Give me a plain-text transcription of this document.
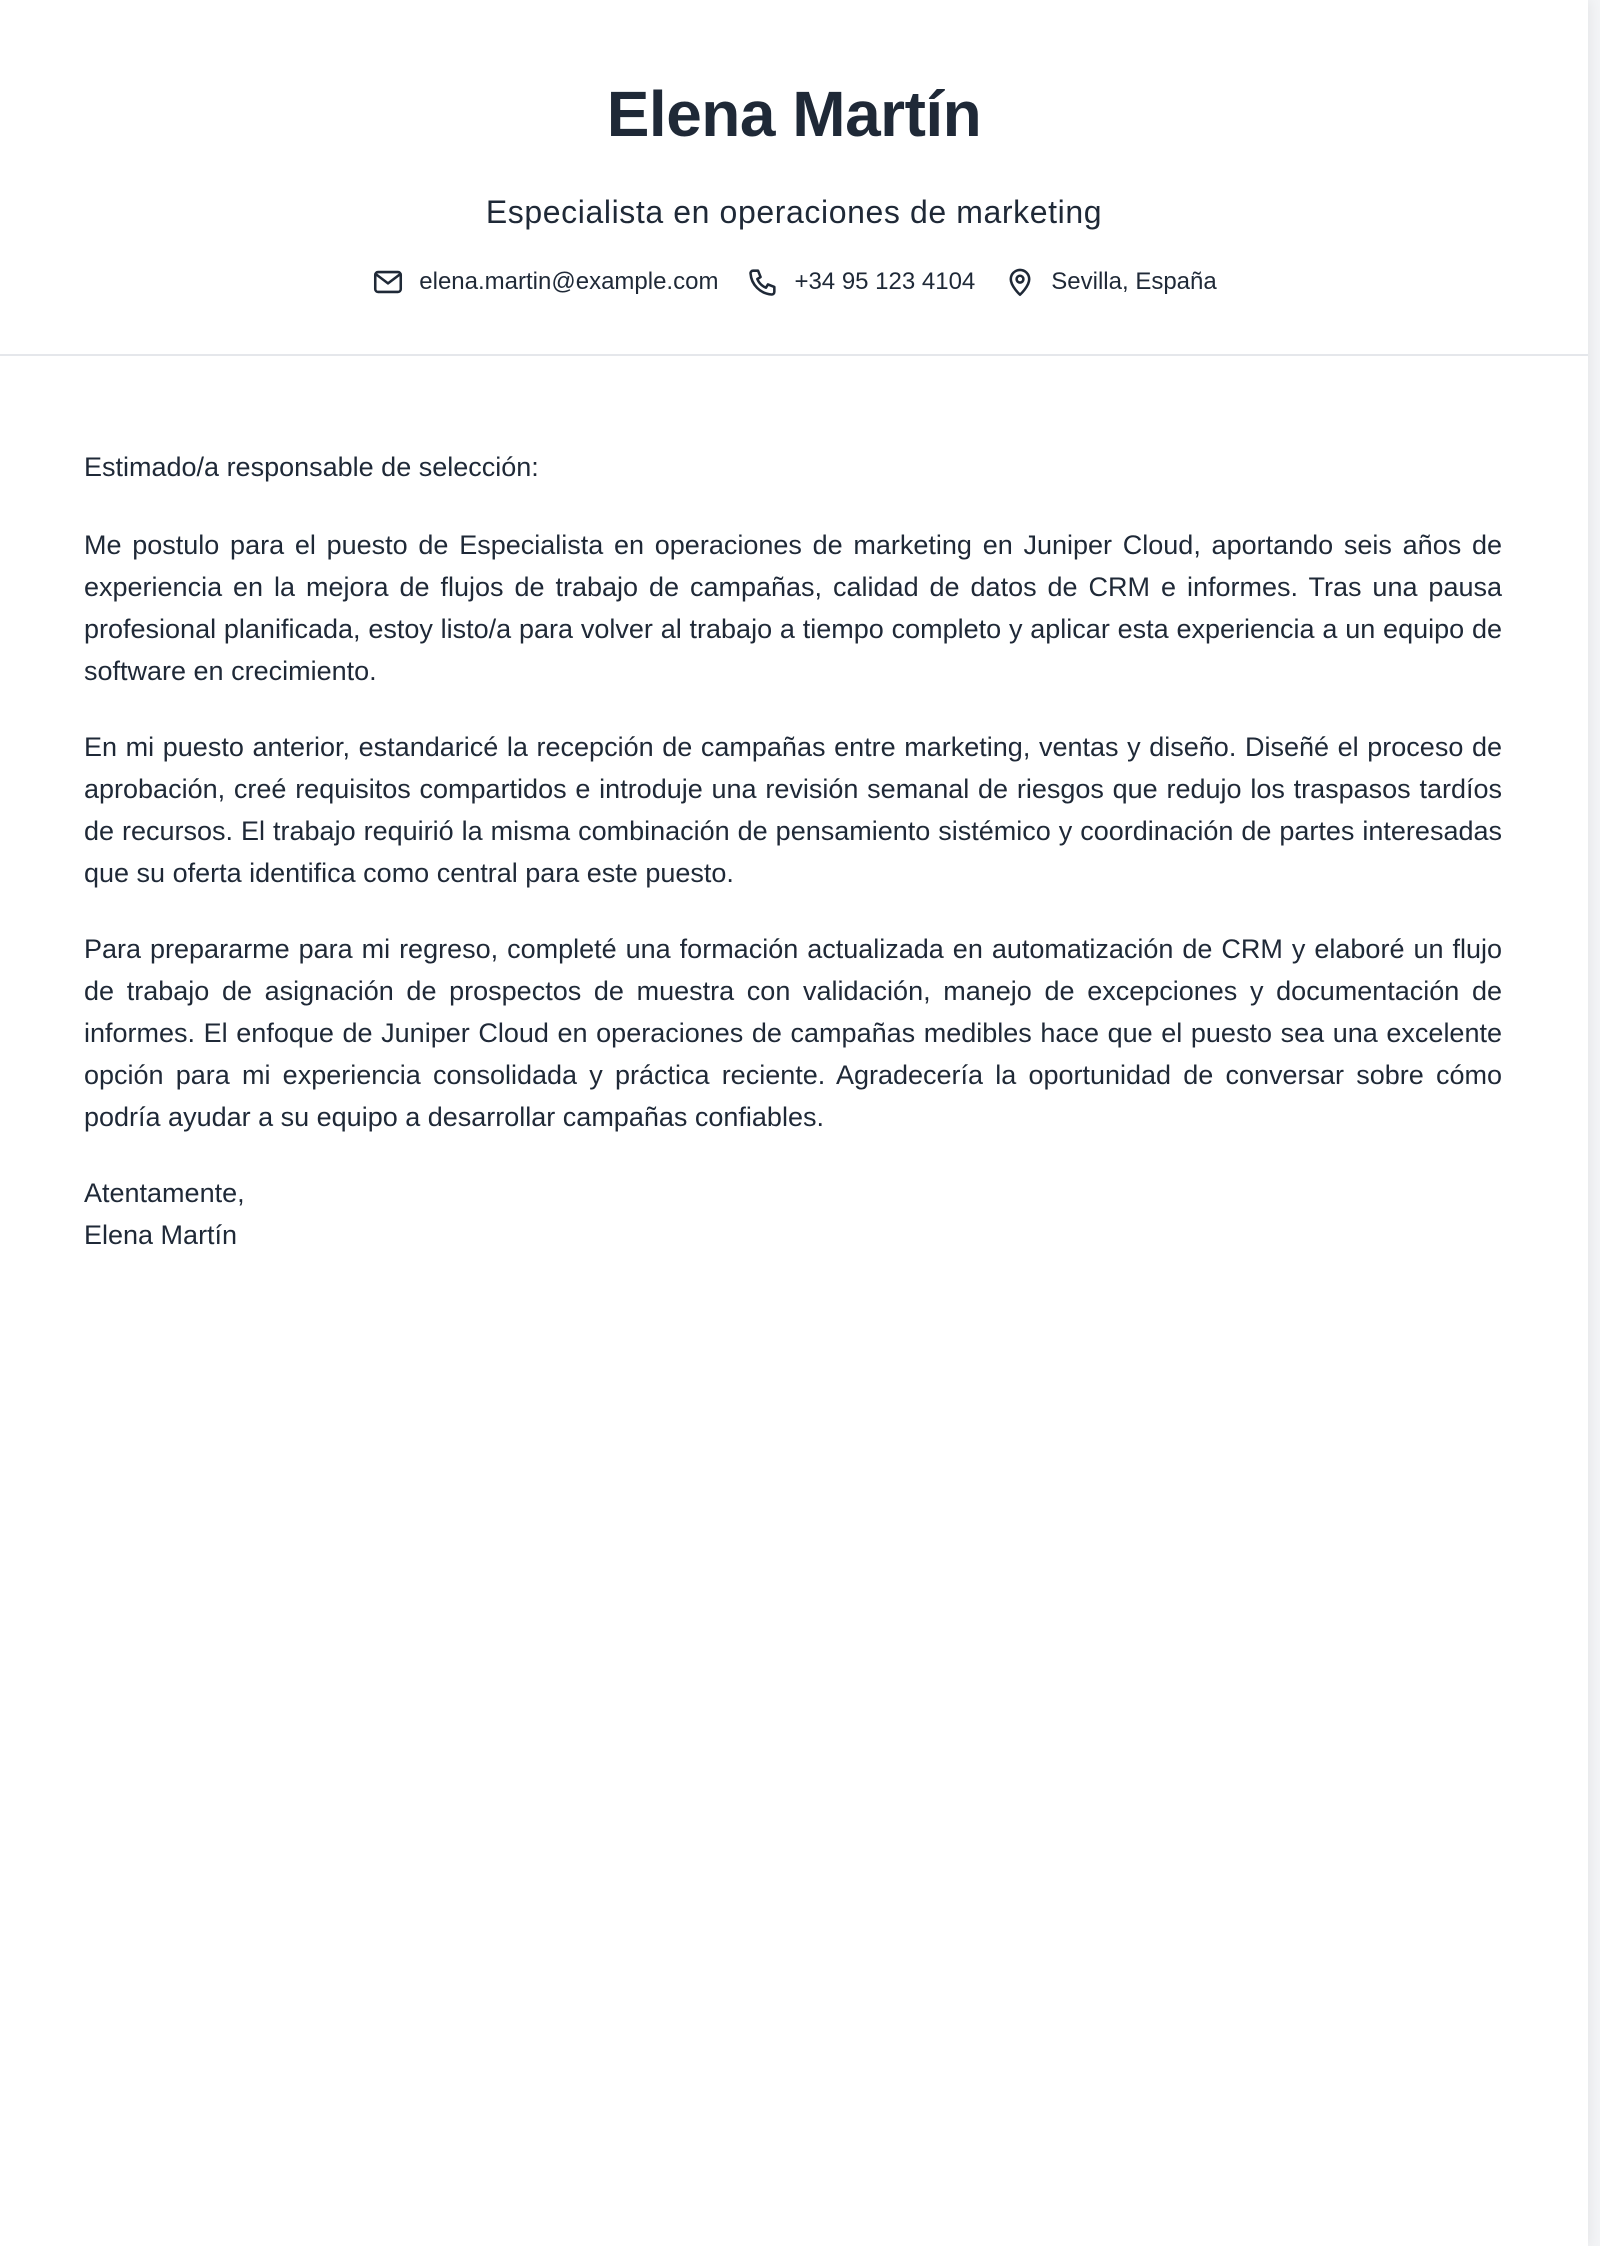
Elena Martín
Especialista en operaciones de marketing
elena.martin@example.com	+34 95 123 4104	Sevilla, España

Estimado/a responsable de selección:

Me postulo para el puesto de Especialista en operaciones de marketing en Juniper Cloud, aportando seis años de experiencia en la mejora de flujos de trabajo de campañas, calidad de datos de CRM e informes. Tras una pausa profesional planificada, estoy listo/a para volver al trabajo a tiempo completo y aplicar esta experiencia a un equipo de software en crecimiento.

En mi puesto anterior, estandaricé la recepción de campañas entre marketing, ventas y diseño. Diseñé el proceso de aprobación, creé requisitos compartidos e introduje una revisión semanal de riesgos que redujo los traspasos tardíos de recursos. El trabajo requirió la misma combinación de pensamiento sistémico y coordinación de partes interesadas que su oferta identifica como central para este puesto.

Para prepararme para mi regreso, completé una formación actualizada en automatización de CRM y elaboré un flujo de trabajo de asignación de prospectos de muestra con validación, manejo de excepciones y documentación de informes. El enfoque de Juniper Cloud en operaciones de campañas medibles hace que el puesto sea una excelente opción para mi experiencia consolidada y práctica reciente. Agradecería la oportunidad de conversar sobre cómo podría ayudar a su equipo a desarrollar campañas confiables.

Atentamente,
Elena Martín
